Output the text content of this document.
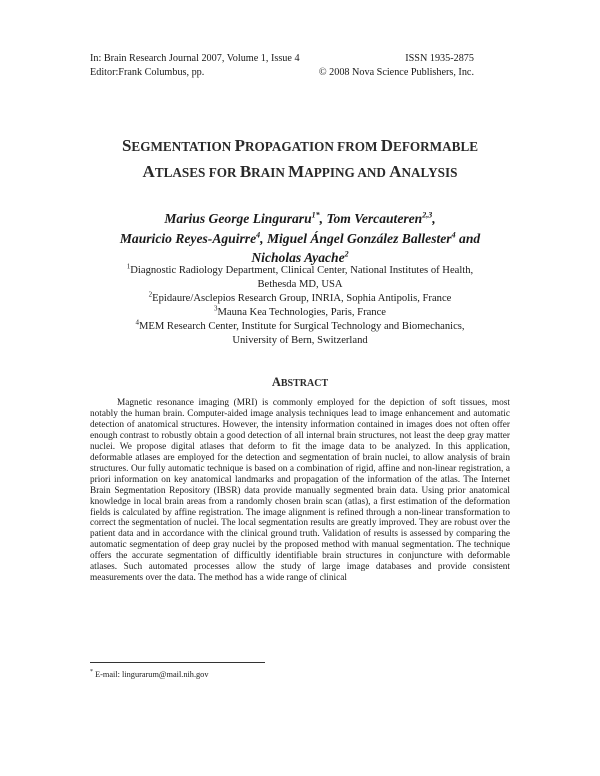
In: Brain Research Journal 2007, Volume 1, Issue 4
Editor:Frank Columbus, pp.
ISSN 1935-2875
© 2008 Nova Science Publishers, Inc.
SEGMENTATION PROPAGATION FROM DEFORMABLE
ATLASES FOR BRAIN MAPPING AND ANALYSIS
Marius George Linguraru$^{1*}$, Tom Vercauteren$^{2,3}$,
Mauricio Reyes-Aguirre$^4$, Miguel Ángel González Ballester$^4$ and
Nicholas Ayache$^2$
$^1$Diagnostic Radiology Department, Clinical Center, National Institutes of Health,
Bethesda MD, USA
$^2$Epidaure/Asclepios Research Group, INRIA, Sophia Antipolis, France
$^3$Mauna Kea Technologies, Paris, France
$^4$MEM Research Center, Institute for Surgical Technology and Biomechanics,
University of Bern, Switzerland
ABSTRACT

Magnetic resonance imaging (MRI) is commonly employed for the depiction of soft tissues, most notably the human brain. Computer-aided image analysis techniques lead to image enhancement and automatic detection of anatomical structures. However, the intensity information contained in images does not often offer enough contrast to robustly obtain a good detection of all internal brain structures, not least the deep gray matter nuclei. We propose digital atlases that deform to fit the image data to be analyzed. In this application, deformable atlases are employed for the detection and segmentation of brain nuclei, to allow analysis of brain structures. Our fully automatic technique is based on a combination of rigid, affine and non-linear registration, a priori information on key anatomical landmarks and propagation of the information of the atlas. The Internet Brain Segmentation Repository (IBSR) data provide manually segmented brain data. Using prior anatomical knowledge in local brain areas from a randomly chosen brain scan (atlas), a first estimation of the deformation fields is calculated by affine registration. The image alignment is refined through a non-linear transformation to correct the segmentation of nuclei. The local segmentation results are greatly improved. They are robust over the patient data and in accordance with the clinical ground truth. Validation of results is assessed by comparing the automatic segmentation of deep gray nuclei by the proposed method with manual segmentation. The technique offers the accurate segmentation of difficultly identifiable brain structures in conjuncture with deformable atlases. Such automated processes allow the study of large image databases and provide consistent measurements over the data. The method has a wide range of clinical

* E-mail: lingurarum@mail.nih.gov
